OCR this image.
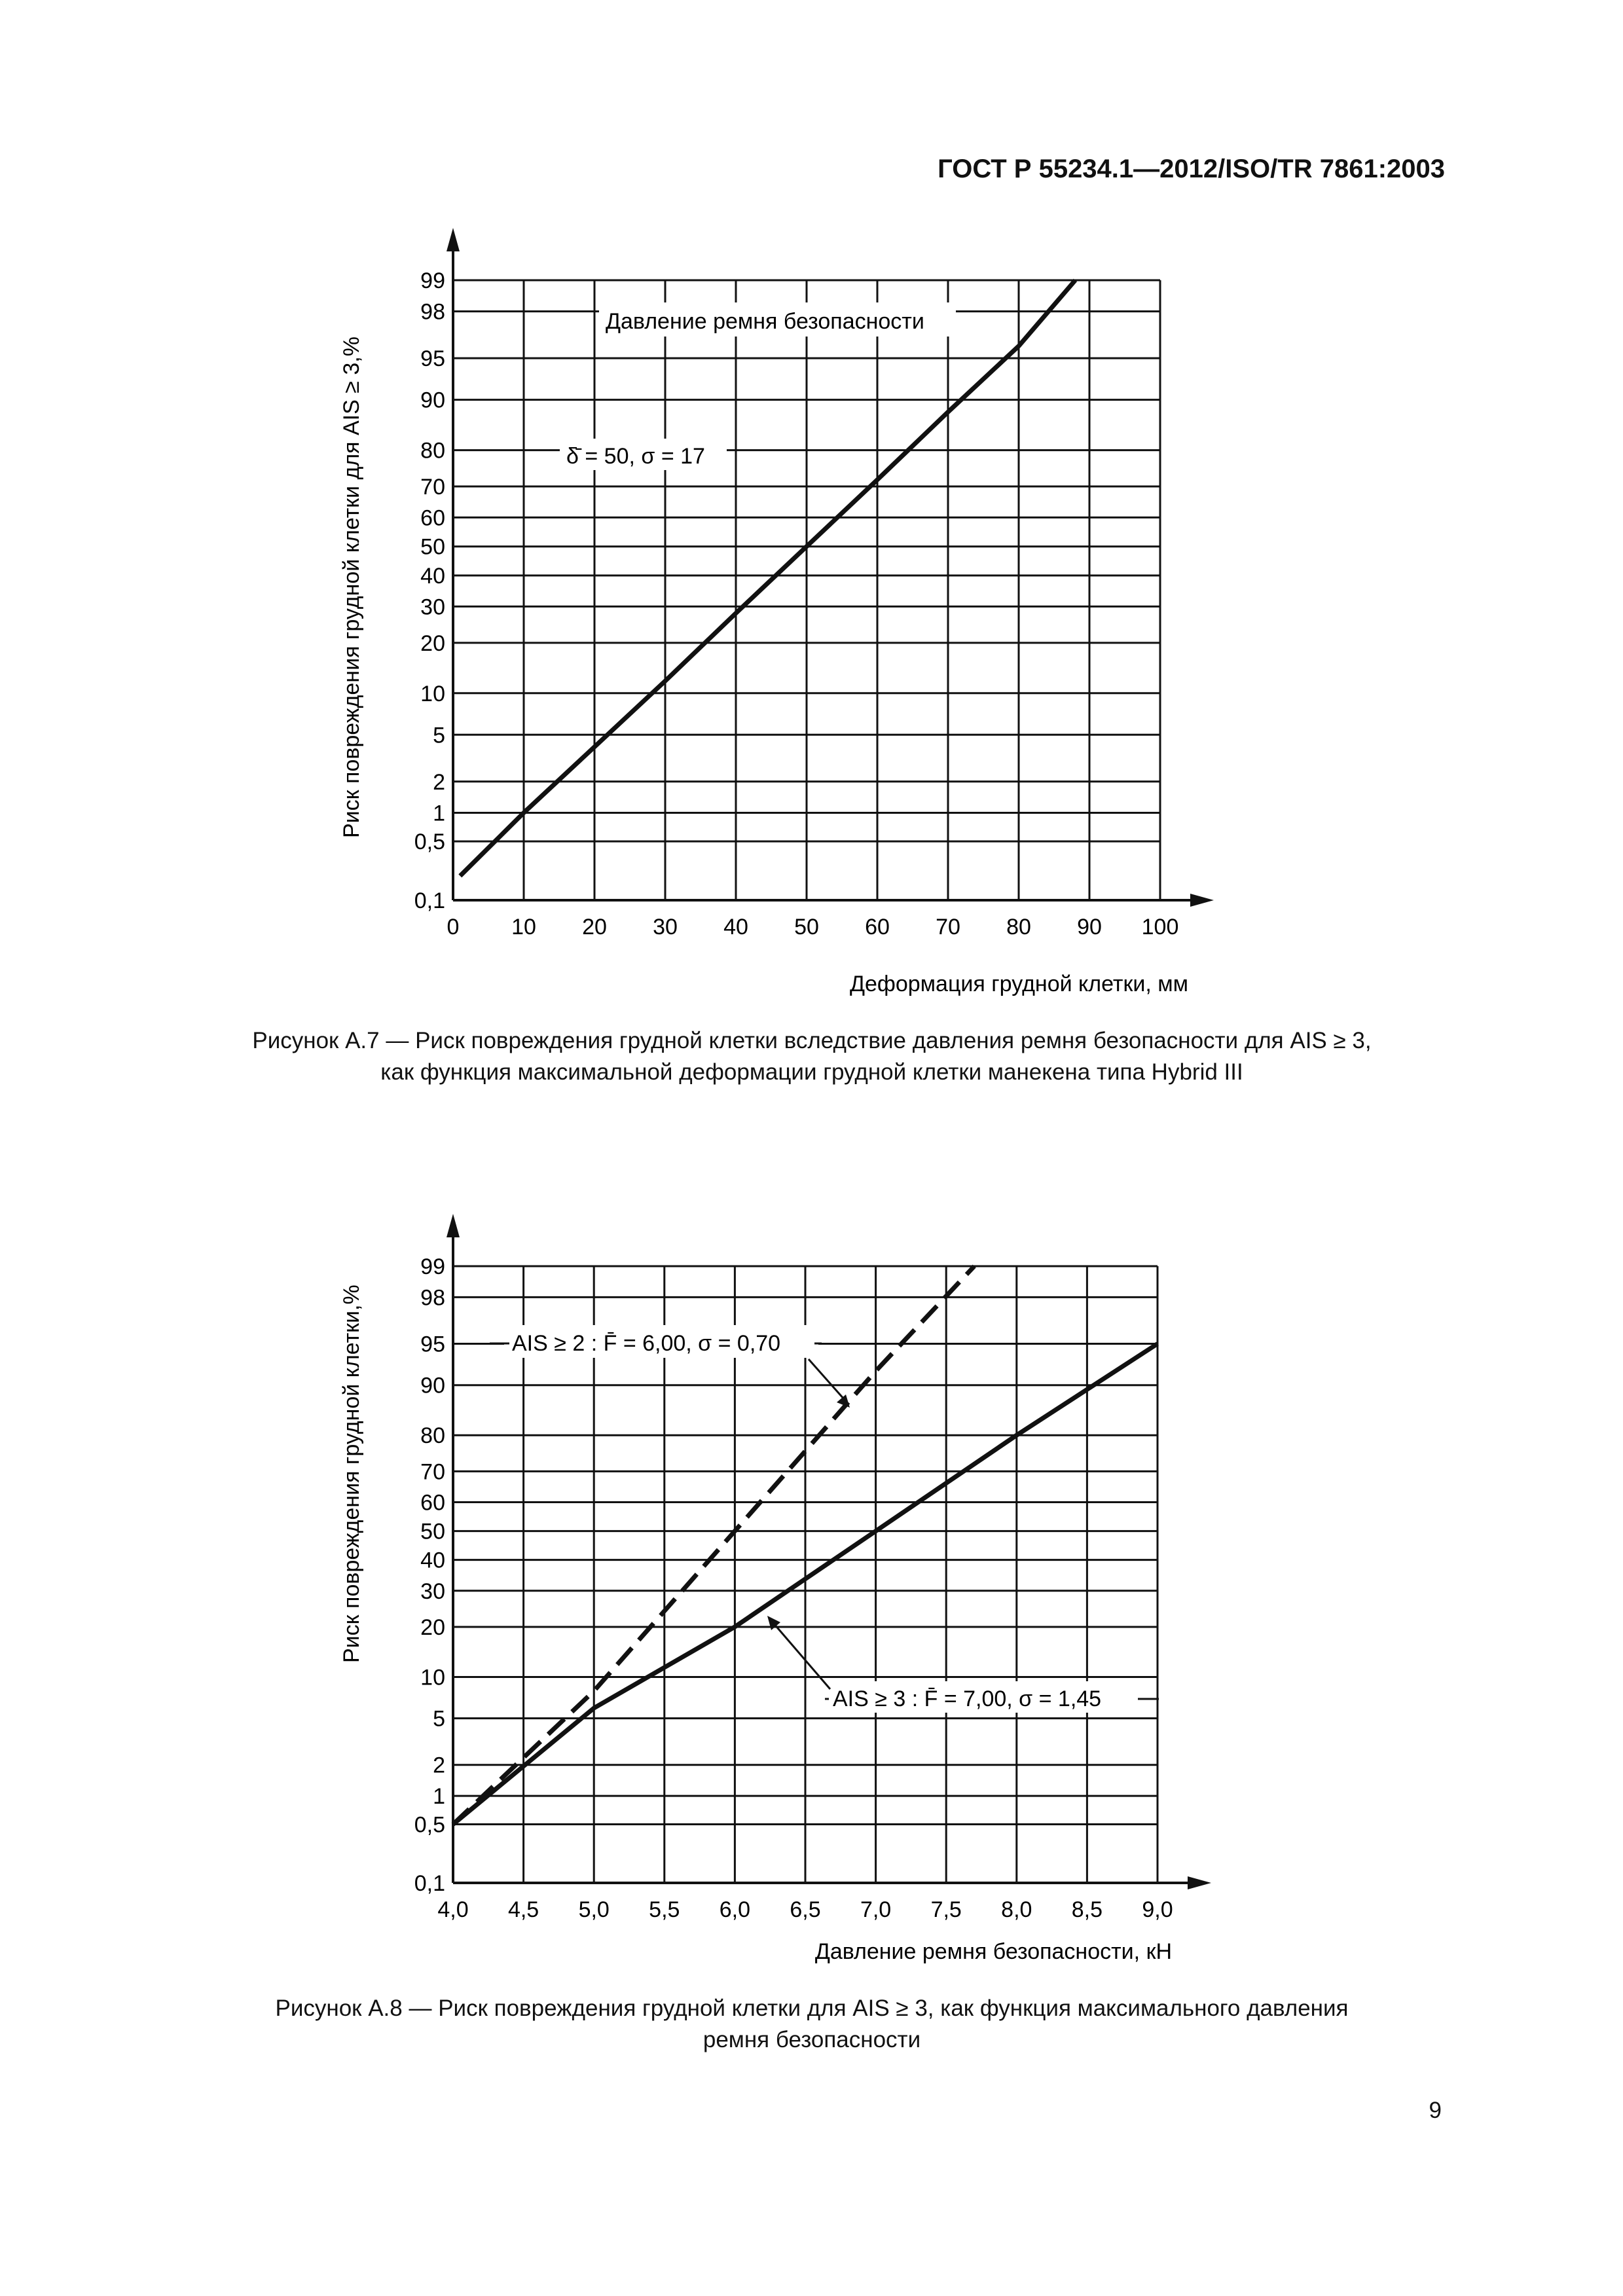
ГОСТ Р 55234.1—2012/ISO/TR 7861:2003
0,1
0,5
1
2
5
10
20
30
40
50
60
70
80
90
95
98
99
0 10 20 30 40 50 60 70 80 90 100
Давление ремня безопасности
δ̄ = 50, σ = 17
Деформация грудной клетки, мм
Риск повреждения грудной клетки для AIS ≥ 3,%
Рисунок А.7 — Риск повреждения грудной клетки вследствие давления ремня безопасности для AIS ≥ 3,
как функция максимальной деформации грудной клетки манекена типа Hybrid III
0,1
0,5
1
2
5
10
20
30
40
50
60
70
80
90
95
98
99
4,0 4,5 5,0 5,5 6,0 6,5 7,0 7,5 8,0 8,5 9,0
AIS ≥ 2 : F̄ = 6,00, σ = 0,70
AIS ≥ 3 : F̄ = 7,00, σ = 1,45
Давление ремня безопасности, кН
Риск повреждения грудной клетки,%
Рисунок А.8 — Риск повреждения грудной клетки для AIS ≥ 3, как функция максимального давления
ремня безопасности
9
